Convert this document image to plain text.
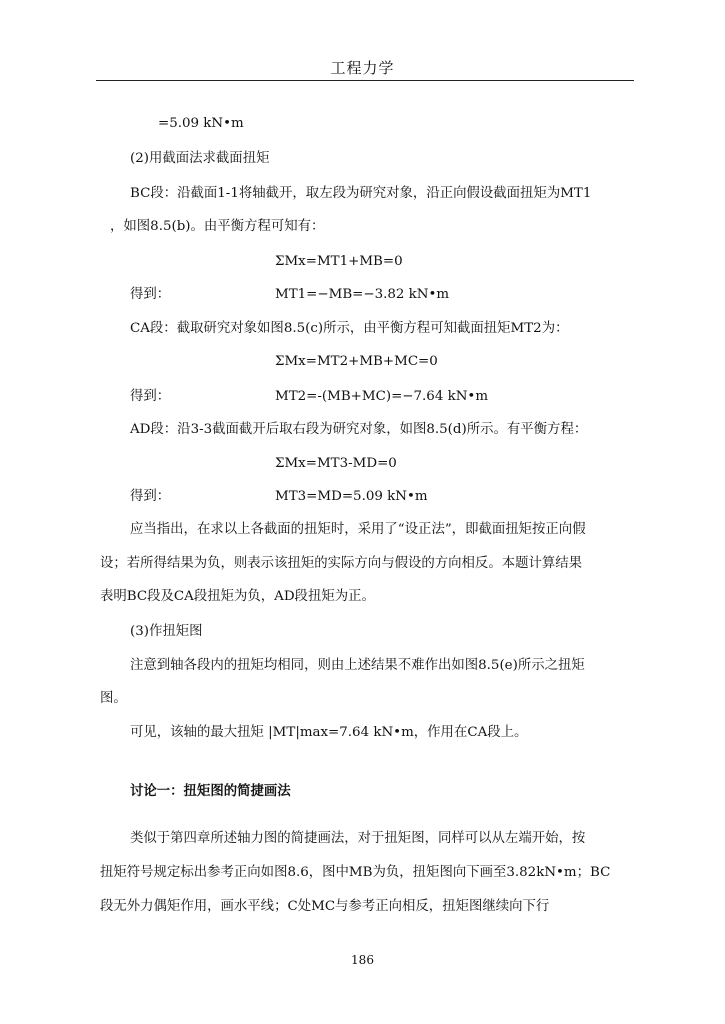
工程力学
=5.09 kN•m
(2)用截面法求截面扭矩
BC段：沿截面1-1将轴截开，取左段为研究对象，沿正向假设截面扭矩为MT1
，如图8.5(b)。由平衡方程可知有：
ΣMx=MT1+MB=0
得到：	MT1=−MB=−3.82 kN•m
CA段：截取研究对象如图8.5(c)所示，由平衡方程可知截面扭矩MT2为：
ΣMx=MT2+MB+MC=0
得到：	MT2=-(MB+MC)=−7.64 kN•m
AD段：沿3-3截面截开后取右段为研究对象，如图8.5(d)所示。有平衡方程：
ΣMx=MT3-MD=0
得到：	MT3=MD=5.09 kN•m
应当指出，在求以上各截面的扭矩时，采用了“设正法”，即截面扭矩按正向假
设；若所得结果为负，则表示该扭矩的实际方向与假设的方向相反。本题计算结果
表明BC段及CA段扭矩为负，AD段扭矩为正。
(3)作扭矩图
注意到轴各段内的扭矩均相同，则由上述结果不难作出如图8.5(e)所示之扭矩
图。
可见，该轴的最大扭矩 |MT|max=7.64 kN•m，作用在CA段上。
讨论一：扭矩图的简捷画法
类似于第四章所述轴力图的简捷画法，对于扭矩图，同样可以从左端开始，按
扭矩符号规定标出参考正向如图8.6，图中MB为负，扭矩图向下画至3.82kN•m；BC
段无外力偶矩作用，画水平线；C处MC与参考正向相反，扭矩图继续向下行
186
